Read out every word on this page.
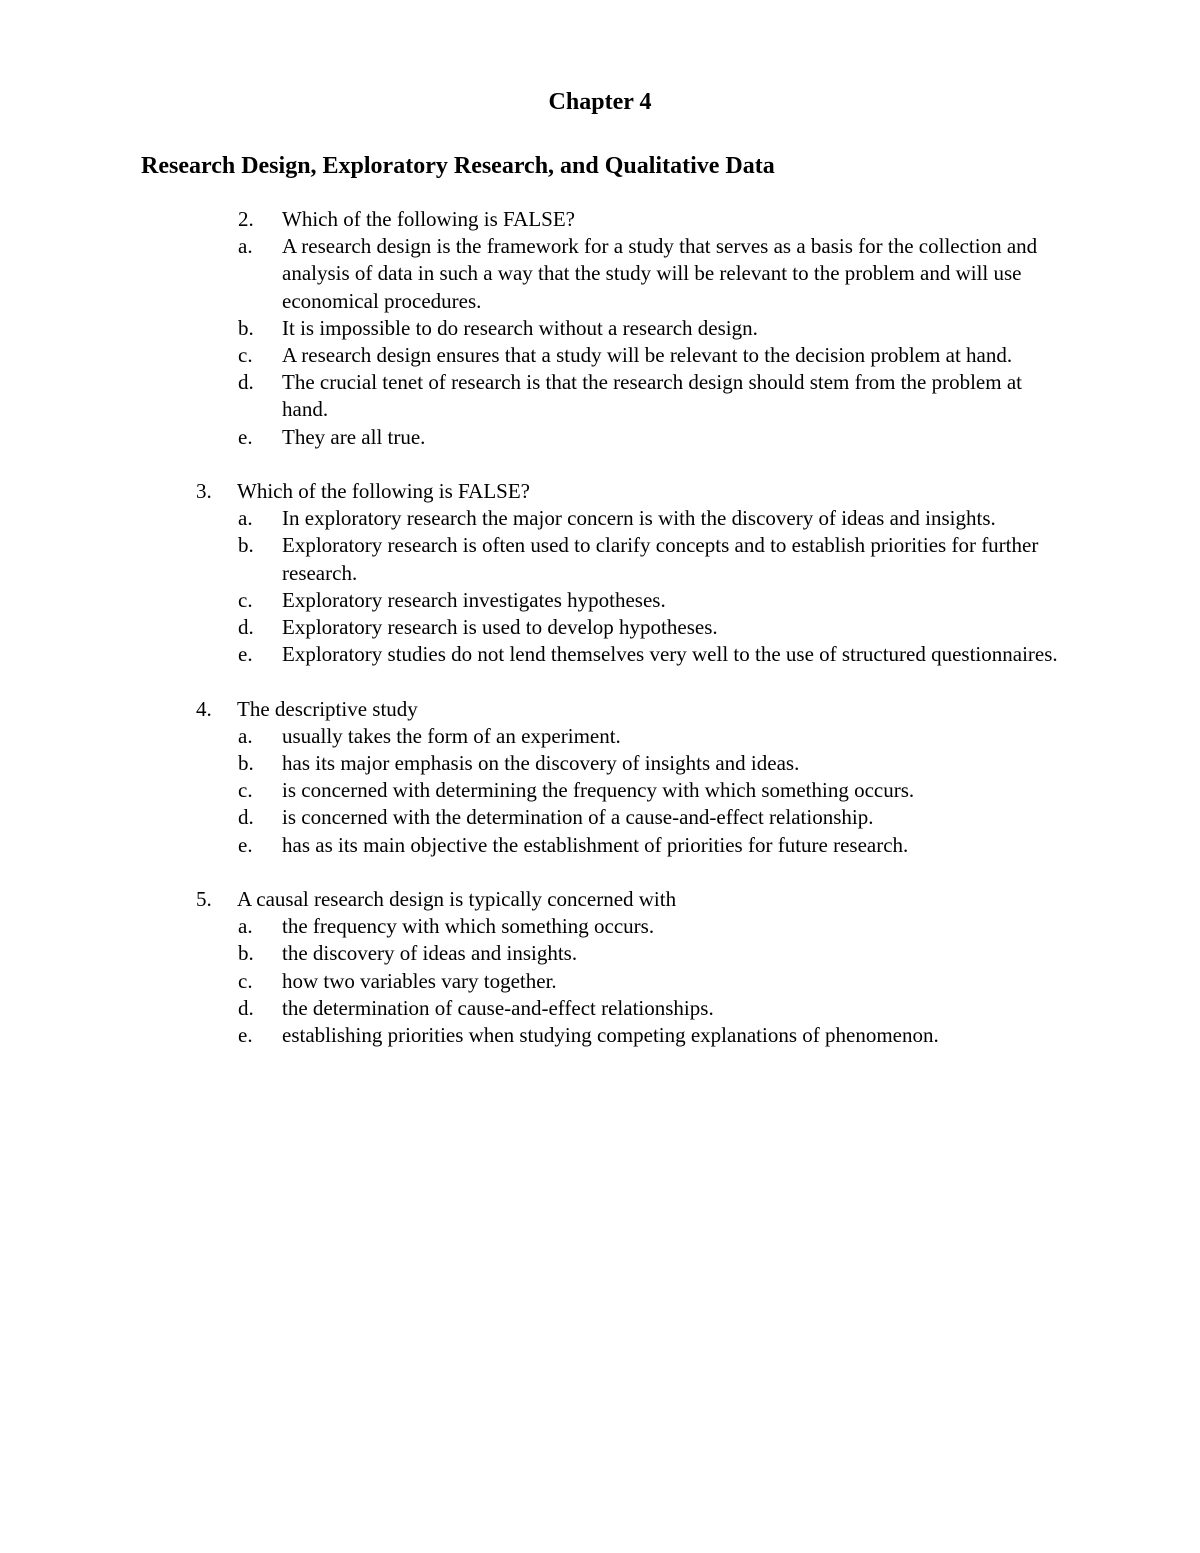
Chapter 4
Research Design, Exploratory Research, and Qualitative Data
2.	Which of the following is FALSE?
a.	A research design is the framework for a study that serves as a basis for the collection and analysis of data in such a way that the study will be relevant to the problem and will use economical procedures.
b.	It is impossible to do research without a research design.
c.	A research design ensures that a study will be relevant to the decision problem at hand.
d.	The crucial tenet of research is that the research design should stem from the problem at hand.
e.	They are all true.
3.	Which of the following is FALSE?
a.	In exploratory research the major concern is with the discovery of ideas and insights.
b.	Exploratory research is often used to clarify concepts and to establish priorities for further research.
c.	Exploratory research investigates hypotheses.
d.	Exploratory research is used to develop hypotheses.
e.	Exploratory studies do not lend themselves very well to the use of structured questionnaires.
4.	The descriptive study
a.	usually takes the form of an experiment.
b.	has its major emphasis on the discovery of insights and ideas.
c.	is concerned with determining the frequency with which something occurs.
d.	is concerned with the determination of a cause-and-effect relationship.
e.	has as its main objective the establishment of priorities for future research.
5.	A causal research design is typically concerned with
a.	the frequency with which something occurs.
b.	the discovery of ideas and insights.
c.	how two variables vary together.
d.	the determination of cause-and-effect relationships.
e.	establishing priorities when studying competing explanations of phenomenon.
